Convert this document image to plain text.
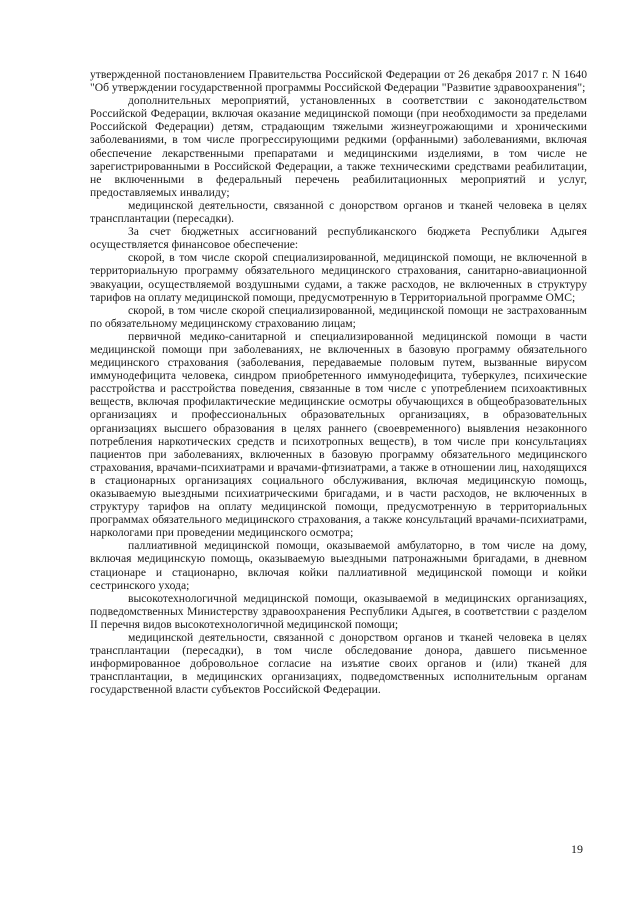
утвержденной постановлением Правительства Российской Федерации от 26 декабря 2017 г. N 1640 "Об утверждении государственной программы Российской Федерации "Развитие здравоохранения";

дополнительных мероприятий, установленных в соответствии с законодательством Российской Федерации, включая оказание медицинской помощи (при необходимости за пределами Российской Федерации) детям, страдающим тяжелыми жизнеугрожающими и хроническими заболеваниями, в том числе прогрессирующими редкими (орфанными) заболеваниями, включая обеспечение лекарственными препаратами и медицинскими изделиями, в том числе не зарегистрированными в Российской Федерации, а также техническими средствами реабилитации, не включенными в федеральный перечень реабилитационных мероприятий и услуг, предоставляемых инвалиду;

медицинской деятельности, связанной с донорством органов и тканей человека в целях трансплантации (пересадки).

За счет бюджетных ассигнований республиканского бюджета Республики Адыгея осуществляется финансовое обеспечение:

скорой, в том числе скорой специализированной, медицинской помощи, не включенной в территориальную программу обязательного медицинского страхования, санитарно-авиационной эвакуации, осуществляемой воздушными судами, а также расходов, не включенных в структуру тарифов на оплату медицинской помощи, предусмотренную в Территориальной программе ОМС;

скорой, в том числе скорой специализированной, медицинской помощи не застрахованным по обязательному медицинскому страхованию лицам;

первичной медико-санитарной и специализированной медицинской помощи в части медицинской помощи при заболеваниях, не включенных в базовую программу обязательного медицинского страхования (заболевания, передаваемые половым путем, вызванные вирусом иммунодефицита человека, синдром приобретенного иммунодефицита, туберкулез, психические расстройства и расстройства поведения, связанные в том числе с употреблением психоактивных веществ, включая профилактические медицинские осмотры обучающихся в общеобразовательных организациях и профессиональных образовательных организациях, в образовательных организациях высшего образования в целях раннего (своевременного) выявления незаконного потребления наркотических средств и психотропных веществ), в том числе при консультациях пациентов при заболеваниях, включенных в базовую программу обязательного медицинского страхования, врачами-психиатрами и врачами-фтизиатрами, а также в отношении лиц, находящихся в стационарных организациях социального обслуживания, включая медицинскую помощь, оказываемую выездными психиатрическими бригадами, и в части расходов, не включенных в структуру тарифов на оплату медицинской помощи, предусмотренную в территориальных программах обязательного медицинского страхования, а также консультаций врачами-психиатрами, наркологами при проведении медицинского осмотра;

паллиативной медицинской помощи, оказываемой амбулаторно, в том числе на дому, включая медицинскую помощь, оказываемую выездными патронажными бригадами, в дневном стационаре и стационарно, включая койки паллиативной медицинской помощи и койки сестринского ухода;

высокотехнологичной медицинской помощи, оказываемой в медицинских организациях, подведомственных Министерству здравоохранения Республики Адыгея, в соответствии с разделом II перечня видов высокотехнологичной медицинской помощи;

медицинской деятельности, связанной с донорством органов и тканей человека в целях трансплантации (пересадки), в том числе обследование донора, давшего письменное информированное добровольное согласие на изъятие своих органов и (или) тканей для трансплантации, в медицинских организациях, подведомственных исполнительным органам государственной власти субъектов Российской Федерации.

19
